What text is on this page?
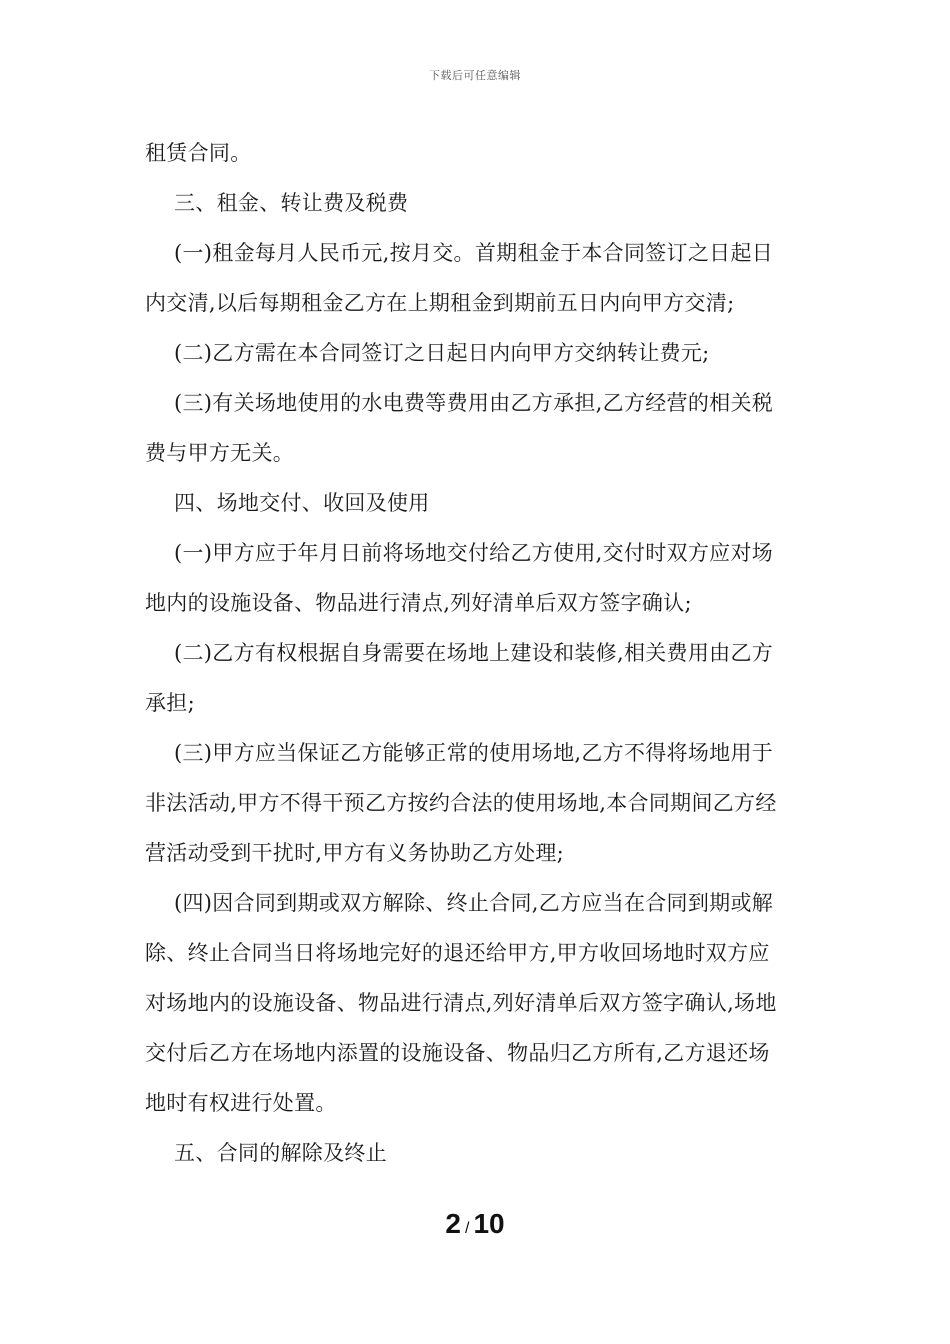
下载后可任意编辑
租赁合同。
三、租金、转让费及税费
(一)租金每月人民币元,按月交。首期租金于本合同签订之日起日
内交清,以后每期租金乙方在上期租金到期前五日内向甲方交清;
(二)乙方需在本合同签订之日起日内向甲方交纳转让费元;
(三)有关场地使用的水电费等费用由乙方承担,乙方经营的相关税
费与甲方无关。
四、场地交付、收回及使用
(一)甲方应于年月日前将场地交付给乙方使用,交付时双方应对场
地内的设施设备、物品进行清点,列好清单后双方签字确认;
(二)乙方有权根据自身需要在场地上建设和装修,相关费用由乙方
承担;
(三)甲方应当保证乙方能够正常的使用场地,乙方不得将场地用于
非法活动,甲方不得干预乙方按约合法的使用场地,本合同期间乙方经
营活动受到干扰时,甲方有义务协助乙方处理;
(四)因合同到期或双方解除、终止合同,乙方应当在合同到期或解
除、终止合同当日将场地完好的退还给甲方,甲方收回场地时双方应
对场地内的设施设备、物品进行清点,列好清单后双方签字确认,场地
交付后乙方在场地内添置的设施设备、物品归乙方所有,乙方退还场
地时有权进行处置。
五、合同的解除及终止
2 / 10
